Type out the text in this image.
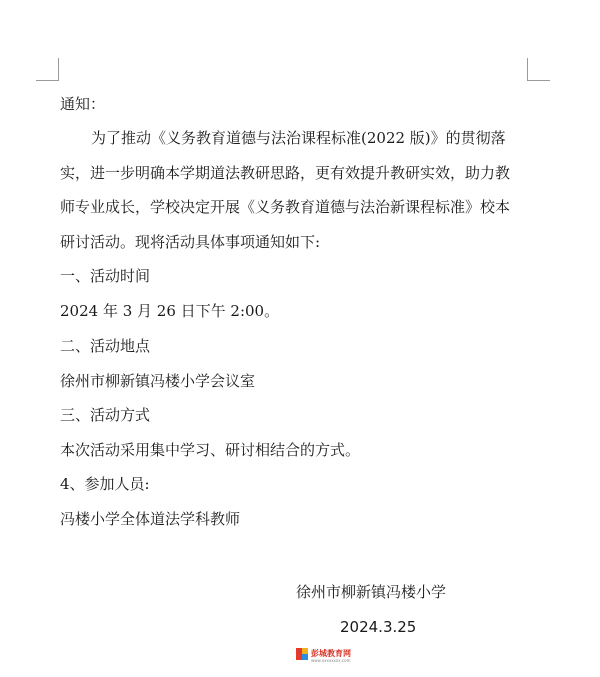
通知：
为了推动《义务教育道德与法治课程标准(2022 版)》的贯彻落
实，进一步明确本学期道法教研思路，更有效提升教研实效，助力教
师专业成长，学校决定开展《义务教育道德与法治新课程标准》校本
研讨活动。现将活动具体事项通知如下:
一、活动时间
2024 年 3 月 26 日下午 2:00。
二、活动地点
徐州市柳新镇冯楼小学会议室
三、活动方式
本次活动采用集中学习、研讨相结合的方式。
4、参加人员:
冯楼小学全体道法学科教师
徐州市柳新镇冯楼小学
2024.3.25
彭城教育网
www.xxxxxxxx.com
